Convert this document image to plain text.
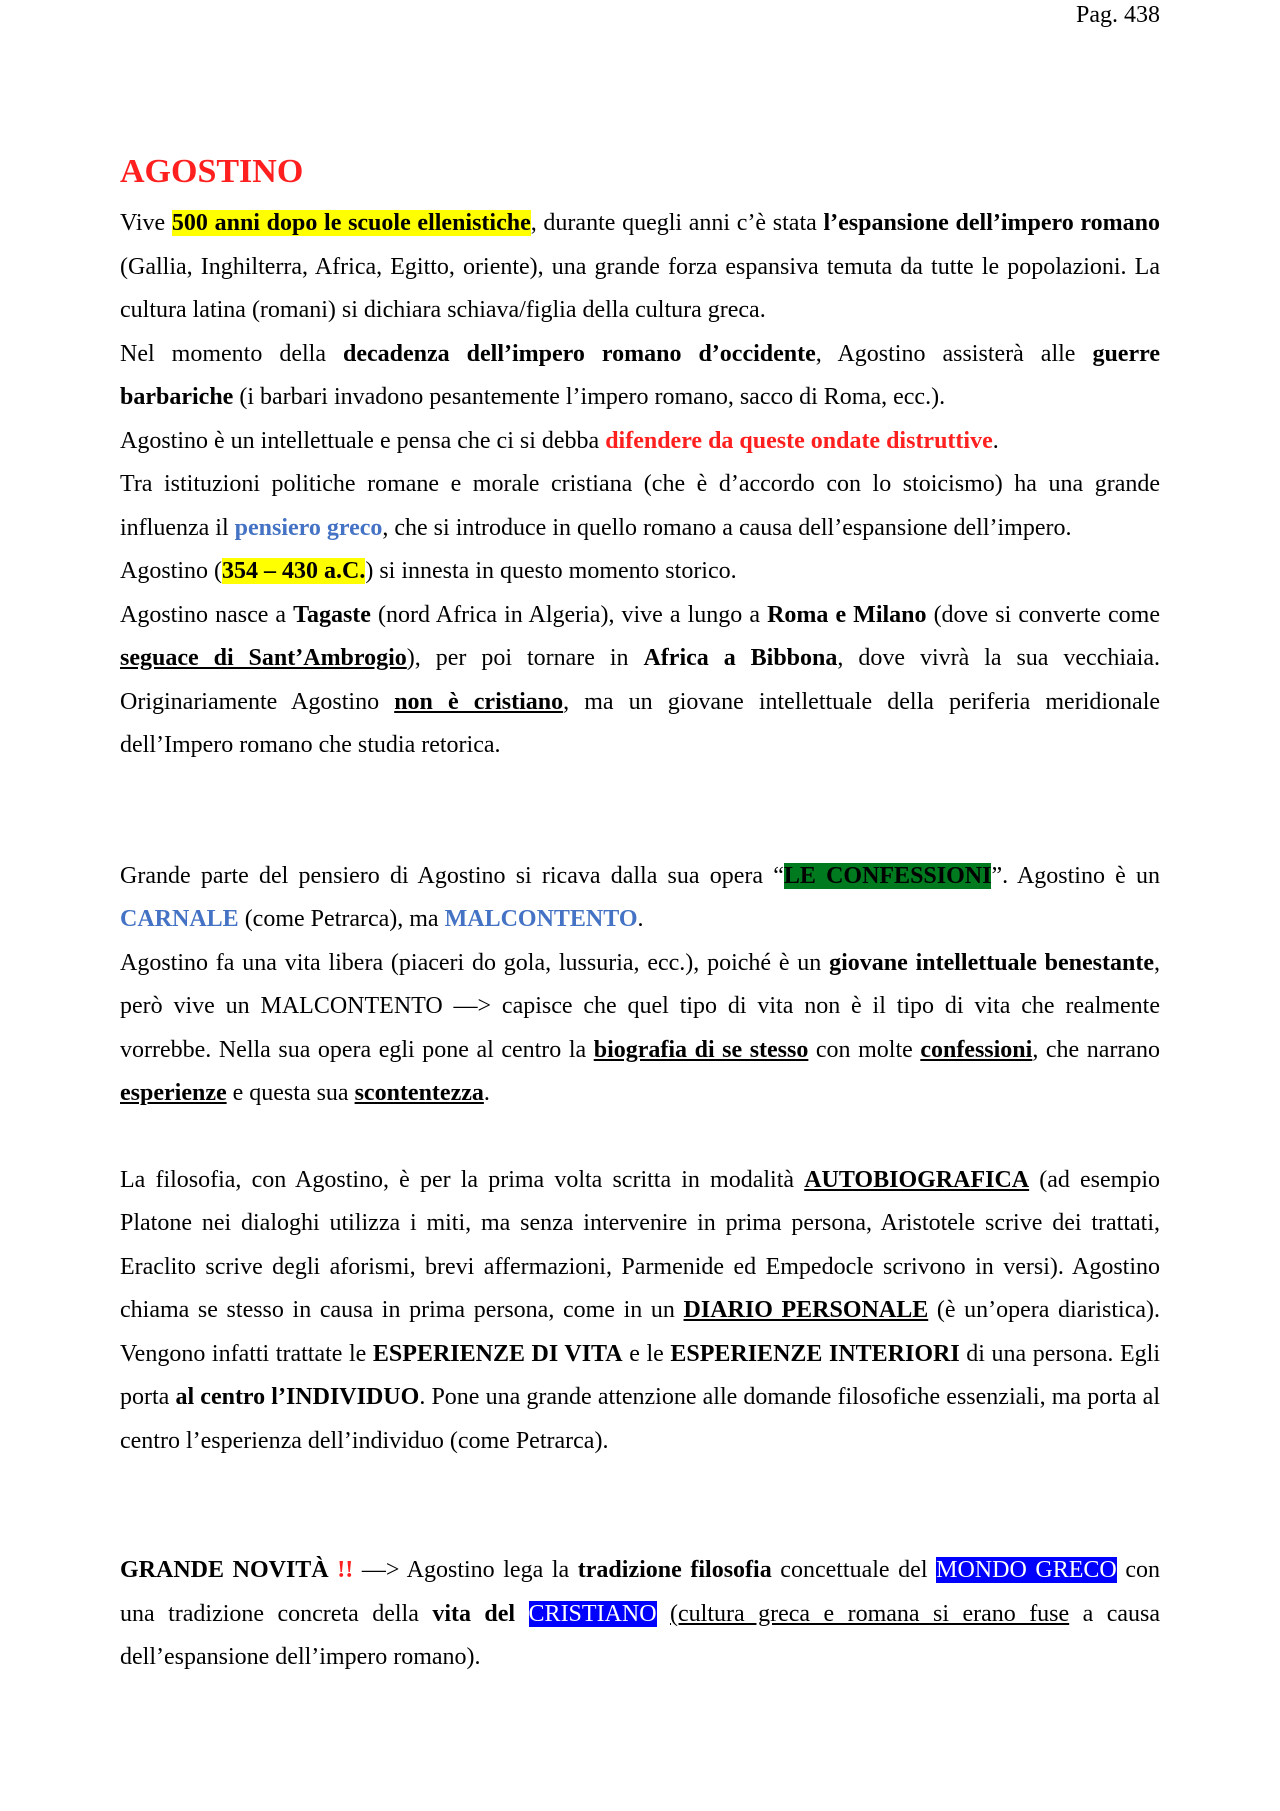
Pag. 438
AGOSTINO

Vive 500 anni dopo le scuole ellenistiche, durante quegli anni c’è stata l’espansione dell’impero romano (Gallia, Inghilterra, Africa, Egitto, oriente), una grande forza espansiva temuta da tutte le popolazioni. La cultura latina (romani) si dichiara schiava/figlia della cultura greca.

Nel momento della decadenza dell’impero romano d’occidente, Agostino assisterà alle guerre barbariche (i barbari invadono pesantemente l’impero romano, sacco di Roma, ecc.).

Agostino è un intellettuale e pensa che ci si debba difendere da queste ondate distruttive.

Tra istituzioni politiche romane e morale cristiana (che è d’accordo con lo stoicismo) ha una grande influenza il pensiero greco, che si introduce in quello romano a causa dell’espansione dell’impero.

Agostino (354 – 430 a.C.) si innesta in questo momento storico.

Agostino nasce a Tagaste (nord Africa in Algeria), vive a lungo a Roma e Milano (dove si converte come seguace di Sant’Ambrogio), per poi tornare in Africa a Bibbona, dove vivrà la sua vecchiaia. Originariamente Agostino non è cristiano, ma un giovane intellettuale della periferia meridionale dell’Impero romano che studia retorica.

Grande parte del pensiero di Agostino si ricava dalla sua opera “LE CONFESSIONI”. Agostino è un CARNALE (come Petrarca), ma MALCONTENTO.

Agostino fa una vita libera (piaceri do gola, lussuria, ecc.), poiché è un giovane intellettuale benestante, però vive un MALCONTENTO —> capisce che quel tipo di vita non è il tipo di vita che realmente vorrebbe. Nella sua opera egli pone al centro la biografia di se stesso con molte confessioni, che narrano esperienze e questa sua scontentezza.

La filosofia, con Agostino, è per la prima volta scritta in modalità AUTOBIOGRAFICA (ad esempio Platone nei dialoghi utilizza i miti, ma senza intervenire in prima persona, Aristotele scrive dei trattati, Eraclito scrive degli aforismi, brevi affermazioni, Parmenide ed Empedocle scrivono in versi). Agostino chiama se stesso in causa in prima persona, come in un DIARIO PERSONALE (è un’opera diaristica). Vengono infatti trattate le ESPERIENZE DI VITA e le ESPERIENZE INTERIORI di una persona. Egli porta al centro l’INDIVIDUO. Pone una grande attenzione alle domande filosofiche essenziali, ma porta al centro l’esperienza dell’individuo (come Petrarca).

GRANDE NOVITÀ !! —> Agostino lega la tradizione filosofia concettuale del MONDO GRECO con una tradizione concreta della vita del CRISTIANO (cultura greca e romana si erano fuse a causa dell’espansione dell’impero romano).
